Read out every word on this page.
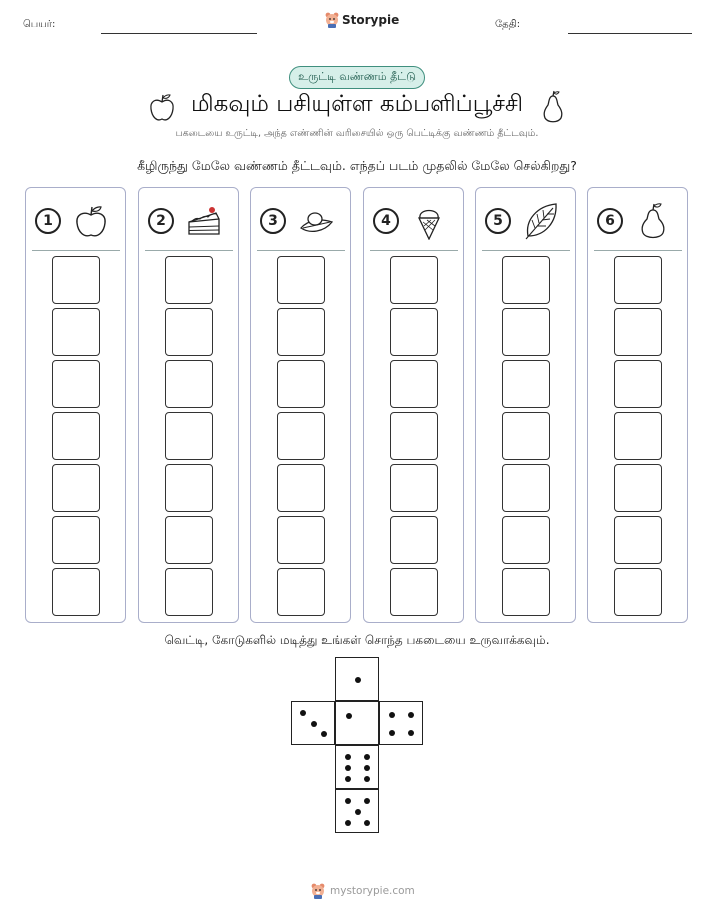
பெயர்:	Storypie	தேதி:
உருட்டி வண்ணம் தீட்டு
மிகவும் பசியுள்ள கம்பளிப்பூச்சி
பகடையை உருட்டி, அந்த எண்ணின் வரிசையில் ஒரு பெட்டிக்கு வண்ணம் தீட்டவும்.
கீழிருந்து மேலே வண்ணம் தீட்டவும். எந்தப் படம் முதலில் மேலே செல்கிறது?
1	2	3	4	5	6
வெட்டி, கோடுகளில் மடித்து உங்கள் சொந்த பகடையை உருவாக்கவும்.
mystorypie.com
